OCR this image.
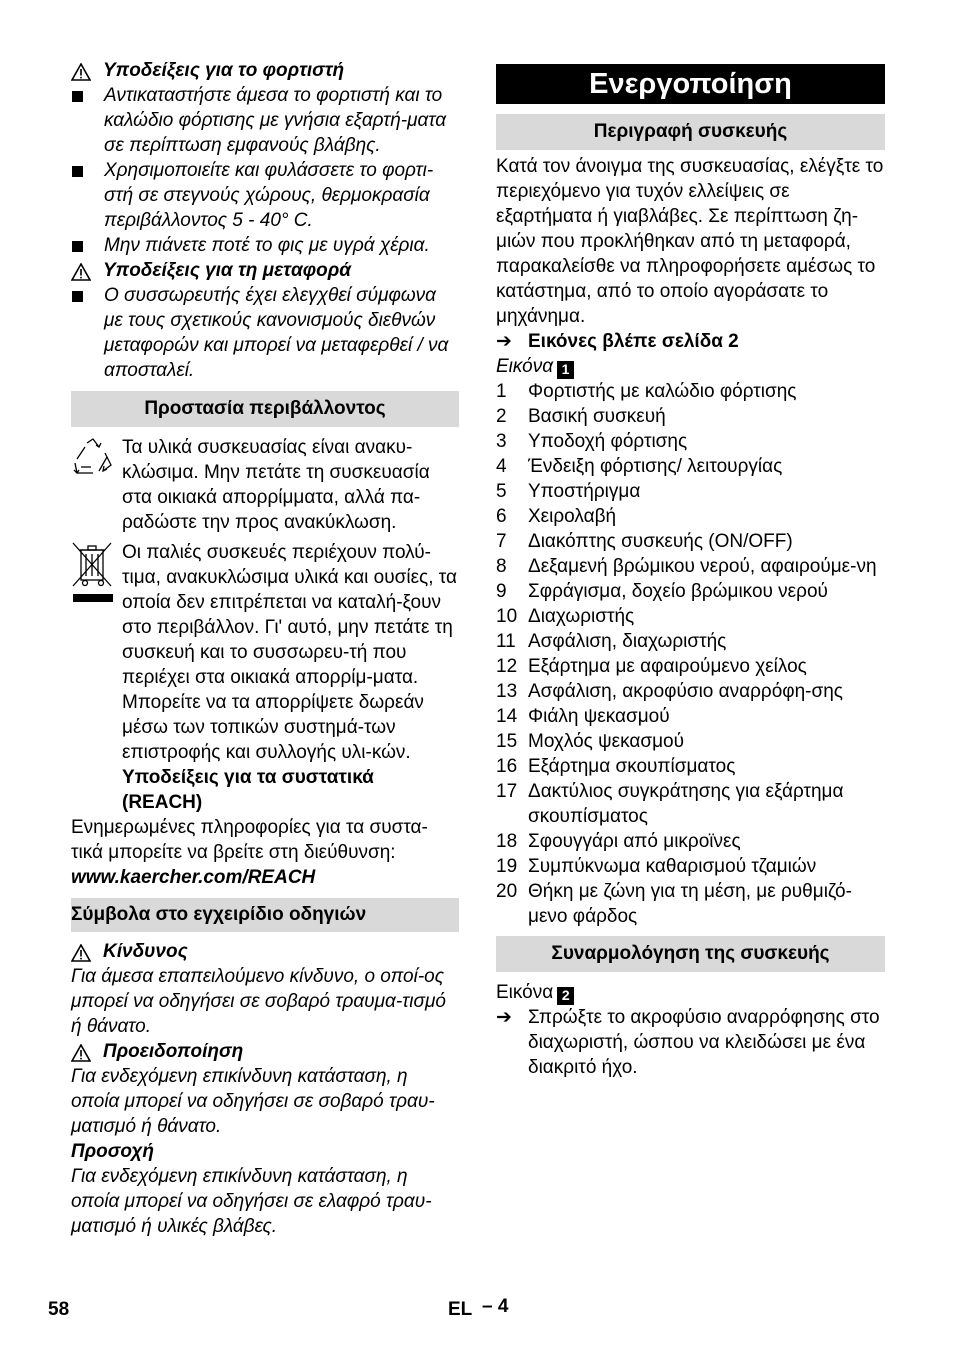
Υποδείξεις για το φορτιστή
Αντικαταστήστε άμεσα το φορτιστή και το καλώδιο φόρτισης με γνήσια εξαρτή-ματα σε περίπτωση εμφανούς βλάβης.
Χρησιμοποιείτε και φυλάσσετε το φορτι-στή σε στεγνούς χώρους, θερμοκρασία περιβάλλοντος 5 - 40° C.
Μην πιάνετε ποτέ το φις με υγρά χέρια.
Υποδείξεις για τη μεταφορά
Ο συσσωρευτής έχει ελεγχθεί σύμφωνα με τους σχετικούς κανονισμούς διεθνών μεταφορών και μπορεί να μεταφερθεί / να αποσταλεί.
Προστασία περιβάλλοντος
Τα υλικά συσκευασίας είναι ανακυ-κλώσιμα. Μην πετάτε τη συσκευασία στα οικιακά απορρίμματα, αλλά πα-ραδώστε την προς ανακύκλωση.
Οι παλιές συσκευές περιέχουν πολύ-τιμα, ανακυκλώσιμα υλικά και ουσίες, τα οποία δεν επιτρέπεται να καταλή-ξουν στο περιβάλλον. Γι' αυτό, μην πετάτε τη συσκευή και το συσσωρευ-τή που περιέχει στα οικιακά απορρίμ-ματα. Μπορείτε να τα απορρίψετε δωρεάν μέσω των τοπικών συστημά-των επιστροφής και συλλογής υλι-κών.
Υποδείξεις για τα συστατικά (REACH)
Ενημερωμένες πληροφορίες για τα συστα-τικά μπορείτε να βρείτε στη διεύθυνση:
www.kaercher.com/REACH
Σύμβολα στο εγχειρίδιο οδηγιών
Κίνδυνος
Για άμεσα επαπειλούμενο κίνδυνο, ο οποί-ος μπορεί να οδηγήσει σε σοβαρό τραυμα-τισμό ή θάνατο.
Προειδοποίηση
Για ενδεχόμενη επικίνδυνη κατάσταση, η οποία μπορεί να οδηγήσει σε σοβαρό τραυ-ματισμό ή θάνατο.
Προσοχή
Για ενδεχόμενη επικίνδυνη κατάσταση, η οποία μπορεί να οδηγήσει σε ελαφρό τραυ-ματισμό ή υλικές βλάβες.
Ενεργοποίηση
Περιγραφή συσκευής
Κατά τον άνοιγμα της συσκευασίας, ελέγξτε το περιεχόμενο για τυχόν ελλείψεις σε εξαρτήματα ή γιαβλάβες. Σε περίπτωση ζη-μιών που προκλήθηκαν από τη μεταφορά, παρακαλείσθε να πληροφορήσετε αμέσως το κατάστημα, από το οποίο αγοράσατε το μηχάνημα.
➔ Εικόνες βλέπε σελίδα 2
Εικόνα 1
1	Φορτιστής με καλώδιο φόρτισης
2	Βασική συσκευή
3	Υποδοχή φόρτισης
4	Ένδειξη φόρτισης/ λειτουργίας
5	Υποστήριγμα
6	Χειρολαβή
7	Διακόπτης συσκευής (ON/OFF)
8	Δεξαμενή βρώμικου νερού, αφαιρούμε-νη
9	Σφράγισμα, δοχείο βρώμικου νερού
10 Διαχωριστής
11 Ασφάλιση, διαχωριστής
12 Εξάρτημα με αφαιρούμενο χείλος
13 Ασφάλιση, ακροφύσιο αναρρόφη-σης
14 Φιάλη ψεκασμού
15 Μοχλός ψεκασμού
16 Εξάρτημα σκουπίσματος
17 Δακτύλιος συγκράτησης για εξάρτημα σκουπίσματος
18 Σφουγγάρι από μικροϊνες
19 Συμπύκνωμα καθαρισμού τζαμιών
20 Θήκη με ζώνη για τη μέση, με ρυθμιζό-μενο φάρδος
Συναρμολόγηση της συσκευής
Εικόνα 2
➔ Σπρώξτε το ακροφύσιο αναρρόφησης στο διαχωριστή, ώσπου να κλειδώσει με ένα διακριτό ήχο.
58	EL – 4
